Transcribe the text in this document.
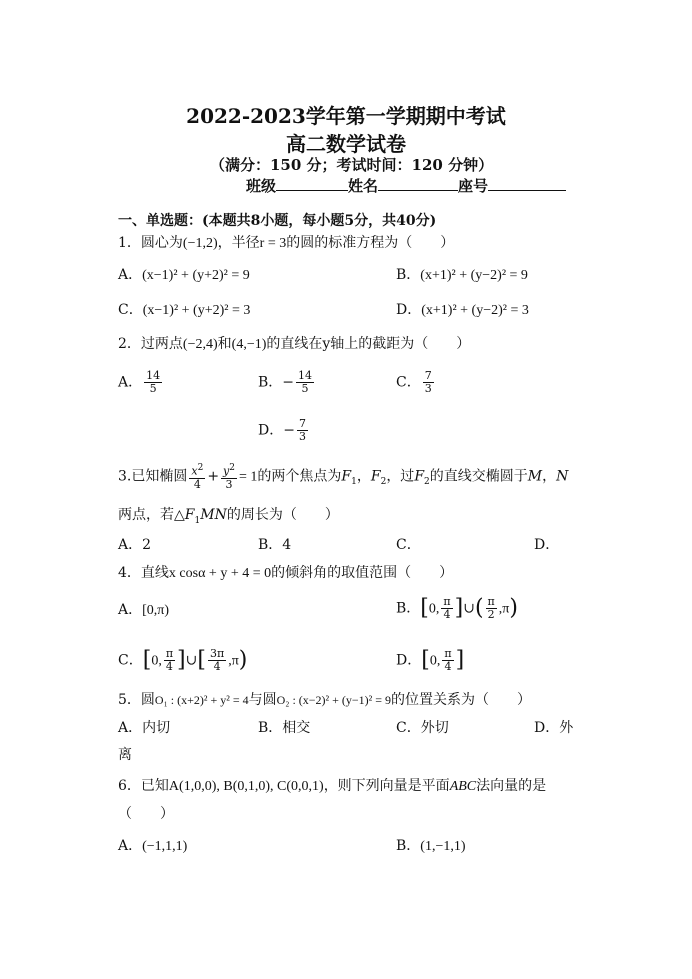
2022-2023学年第一学期期中考试
高二数学试卷
（满分：150 分；考试时间：120 分钟）
班级	姓名	座号
一、单选题：(本题共8小题，每小题5分，共40分)
1．圆心为(−1,2)，半径r = 3的圆的标准方程为（　　）
A．(x−1)² + (y+2)² = 9	B．(x+1)² + (y−2)² = 9
C．(x−1)² + (y+2)² = 3	D．(x+1)² + (y−2)² = 3
2．过两点(−2,4)和(4,−1)的直线在y轴上的截距为（　　）
A． $\frac{14}{5}$	B．− $\frac{14}{5}$	C． $\frac{7}{3}$
D．− $\frac{7}{3}$
3.已知椭圆 $\frac{x^2}{4} + \frac{y^2}{3} = 1$的两个焦点为$F_1$，$F_2$，过$F_2$的直线交椭圆于M，N
两点，若$\triangle F_1MN$的周长为（　　）
A．2	B．4	C．	D．
4．直线x cosα + y + 4 = 0的倾斜角的取值范围（　　）
A．[0,π)	B．[0, $\frac{\pi}{4}$ ]∪( $\frac{\pi}{2} ,\pi$)
C．[0, $\frac{\pi}{4}$ ]∪[ $\frac{3\pi}{4} ,\pi$)	D．[0, $\frac{\pi}{4}$ ]
5．圆O₁ : (x+2)² + y² = 4与圆O₂ : (x−2)² + (y−1)² = 9的位置关系为（　　）
A．内切	B．相交	C．外切	D．外
离
6．已知A(1,0,0), B(0,1,0), C(0,0,1)，则下列向量是平面ABC法向量的是
（　　）
A．(−1,1,1)	B．(1,−1,1)
